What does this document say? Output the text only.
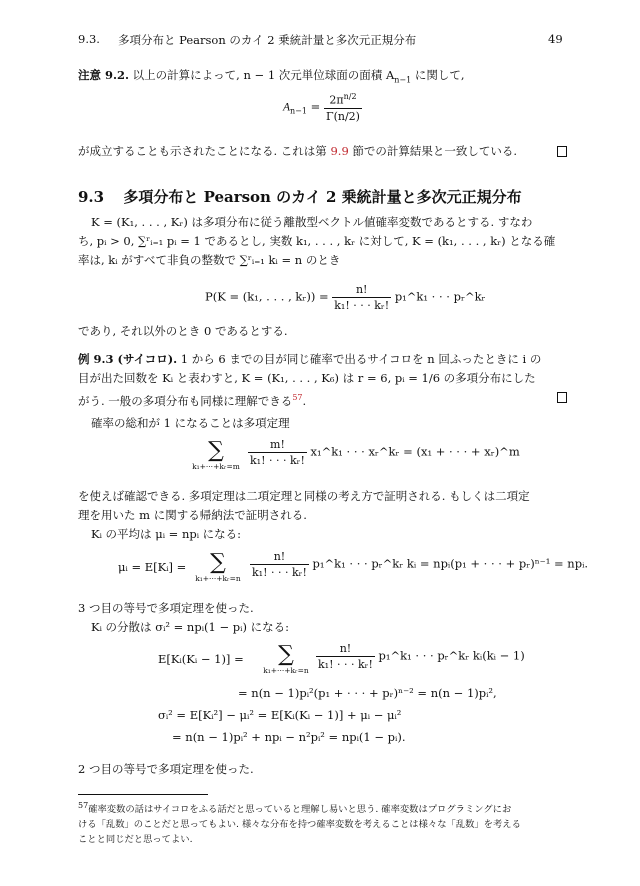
9.3. 多項分布と Pearson のカイ 2 乗統計量と多次元正規分布	49
注意 9.2. 以上の計算によって, n − 1 次元単位球面の面積 $A_{n-1}$ に関して,
$A_{n-1} = \frac{2\pi^{n/2}}{\Gamma(n/2)}$
が成立することも示されたことになる. これは第 9.9 節での計算結果と一致している.
9.3 多項分布と Pearson のカイ 2 乗統計量と多次元正規分布
K = (K₁, . . . , Kᵣ) は多項分布に従う離散型ベクトル値確率変数であるとする. すなわ
ち, pᵢ > 0, ∑ʳᵢ₌₁ pᵢ = 1 であるとし, 実数 k₁, . . . , kᵣ に対して, K = (k₁, . . . , kᵣ) となる確
率は, kᵢ がすべて非負の整数で ∑ʳᵢ₌₁ kᵢ = n のとき
P(K = (k₁, . . . , kᵣ)) = $\frac{n!}{\text{k₁! · · · kᵣ!}}$ p₁^k₁ · · · pᵣ^kᵣ
であり, それ以外のとき 0 であるとする.
例 9.3 (サイコロ). 1 から 6 までの目が同じ確率で出るサイコロを n 回ふったときに i の
目が出た回数を Kᵢ と表わすと, K = (K₁, . . . , K₆) は r = 6, pᵢ = 1/6 の多項分布にした
がう. 一般の多項分布も同様に理解できる$^{57}$.
確率の総和が 1 になることは多項定理
∑
k₁+···+kᵣ=m $\frac{m!}{\text{k₁! · · · kᵣ!}}$ x₁^k₁ · · · xᵣ^kᵣ = (x₁ + · · · + xᵣ)^m
を使えば確認できる. 多項定理は二項定理と同様の考え方で証明される. もしくは二項定
理を用いた m に関する帰納法で証明される.
Kᵢ の平均は μᵢ = npᵢ になる:
μᵢ = E[Kᵢ] =	∑
k₁+···+kᵣ=n $\frac{n!}{\text{k₁! · · · kᵣ!}}$ p₁^k₁ · · · pᵣ^kᵣ kᵢ = npᵢ(p₁ + · · · + pᵣ)ⁿ⁻¹ = npᵢ.
3 つ目の等号で多項定理を使った.
Kᵢ の分散は σᵢ² = npᵢ(1 − pᵢ) になる:
E[Kᵢ(Kᵢ − 1)] =	∑
k₁+···+kᵣ=n $\frac{n!}{\text{k₁! · · · kᵣ!}}$ p₁^k₁ · · · pᵣ^kᵣ kᵢ(kᵢ − 1)
= n(n − 1)pᵢ²(p₁ + · · · + pᵣ)ⁿ⁻² = n(n − 1)pᵢ²,
σᵢ² = E[Kᵢ²] − μᵢ² = E[Kᵢ(Kᵢ − 1)] + μᵢ − μᵢ²
= n(n − 1)pᵢ² + npᵢ − n²pᵢ² = npᵢ(1 − pᵢ).
2 つ目の等号で多項定理を使った.
$^{57}$確率変数の話はサイコロをふる話だと思っていると理解し易いと思う. 確率変数はプログラミングにお
ける「乱数」のことだと思ってもよい. 様々な分布を持つ確率変数を考えることは様々な「乱数」を考える
ことと同じだと思ってよい.
